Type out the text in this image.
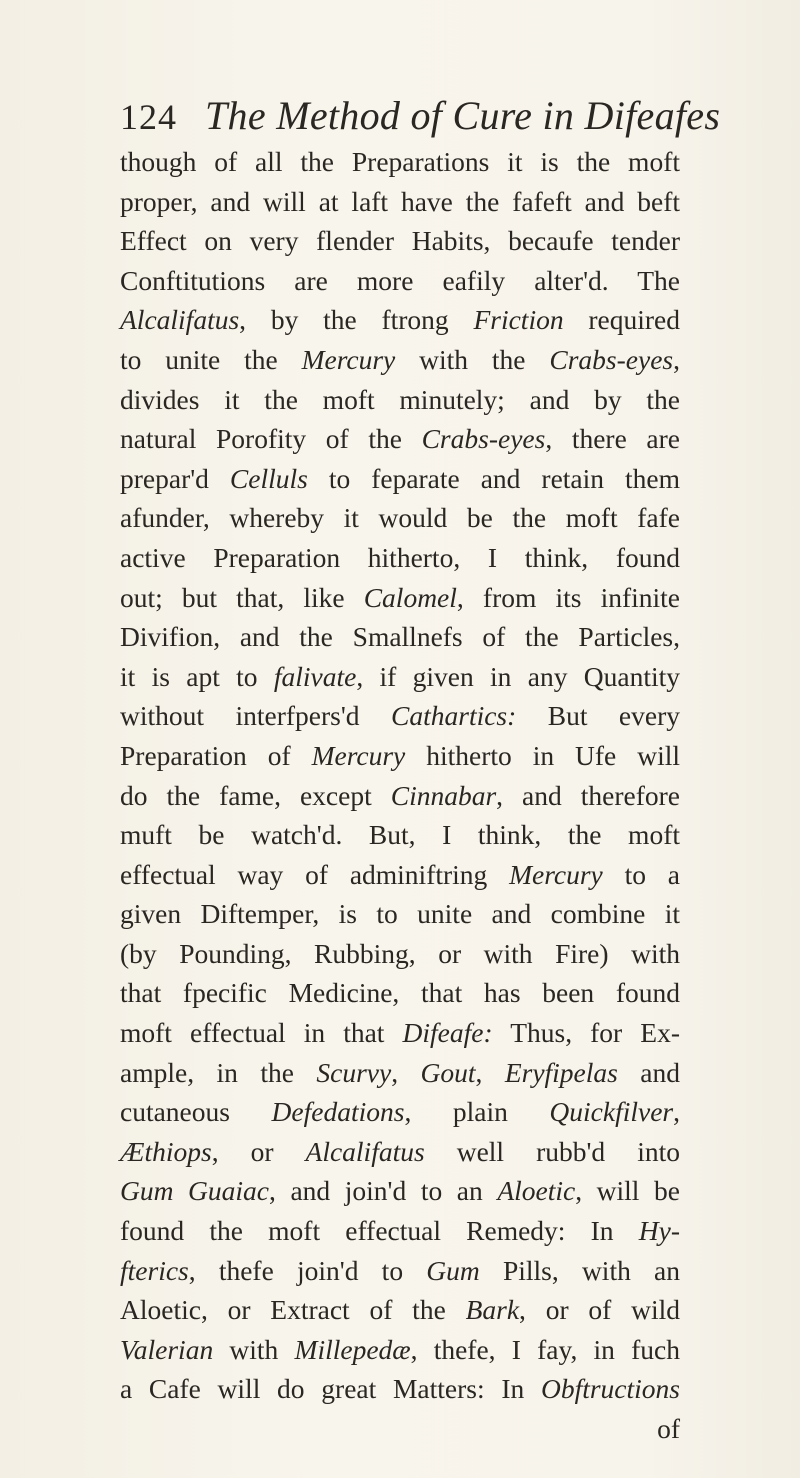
124 The Method of Cure in Difeafes
though of all the Preparations it is the moft
proper, and will at laft have the fafeft and beft
Effect on very flender Habits, becaufe tender
Conftitutions are more eafily alter'd. The
Alcalifatus, by the ftrong Friction required
to unite the Mercury with the Crabs-eyes,
divides it the moft minutely; and by the
natural Porofity of the Crabs-eyes, there are
prepar'd Celluls to feparate and retain them
afunder, whereby it would be the moft fafe
active Preparation hitherto, I think, found
out; but that, like Calomel, from its infinite
Divifion, and the Smallnefs of the Particles,
it is apt to falivate, if given in any Quantity
without interfpers'd Cathartics: But every
Preparation of Mercury hitherto in Ufe will
do the fame, except Cinnabar, and therefore
muft be watch'd. But, I think, the moft
effectual way of adminiftring Mercury to a
given Diftemper, is to unite and combine it
(by Pounding, Rubbing, or with Fire) with
that fpecific Medicine, that has been found
moft effectual in that Difeafe: Thus, for Ex-
ample, in the Scurvy, Gout, Eryfipelas and
cutaneous Defedations, plain Quickfilver,
Æthiops, or Alcalifatus well rubb'd into
Gum Guaiac, and join'd to an Aloetic, will be
found the moft effectual Remedy: In Hy-
fterics, thefe join'd to Gum Pills, with an
Aloetic, or Extract of the Bark, or of wild
Valerian with Millepedæ, thefe, I fay, in fuch
a Cafe will do great Matters: In Obftructions
of
